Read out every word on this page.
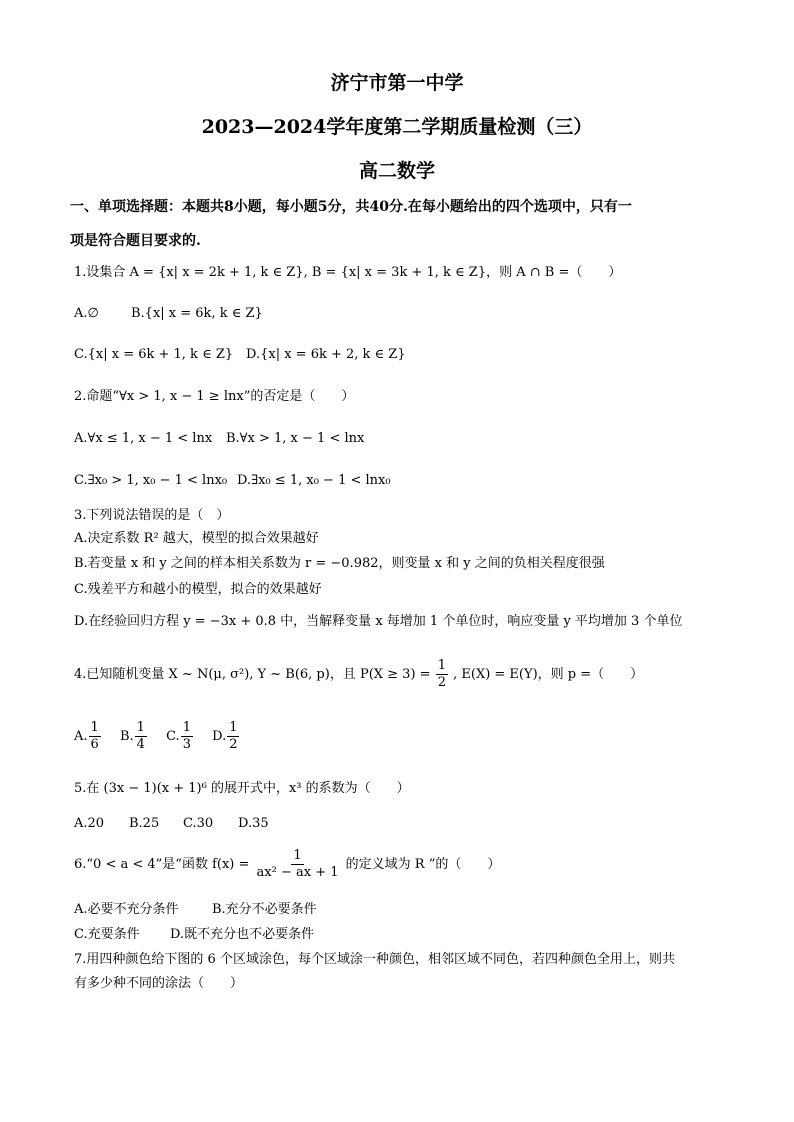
济宁市第一中学
2023—2024学年度第二学期质量检测（三）
高二数学
一、单项选择题：本题共8小题，每小题5分，共40分.在每小题给出的四个选项中，只有一
项是符合题目要求的.
1.设集合 A = {x| x = 2k + 1, k ∈ Z}, B = {x| x = 3k + 1, k ∈ Z}，则 A ∩ B =（　　）
A.∅ B.{x| x = 6k, k ∈ Z}
C.{x| x = 6k + 1, k ∈ Z} D.{x| x = 6k + 2, k ∈ Z}
2.命题“∀x > 1, x − 1 ≥ lnx”的否定是（　　）
A.∀x ≤ 1, x − 1 < lnx B.∀x > 1, x − 1 < lnx
C.∃x₀ > 1, x₀ − 1 < lnx₀ D.∃x₀ ≤ 1, x₀ − 1 < lnx₀
3.下列说法错误的是（　）
A.决定系数 R² 越大，模型的拟合效果越好
B.若变量 x 和 y 之间的样本相关系数为 r = −0.982，则变量 x 和 y 之间的负相关程度很强
C.残差平方和越小的模型，拟合的效果越好
D.在经验回归方程 y = −3x + 0.8 中，当解释变量 x 每增加 1 个单位时，响应变量 y 平均增加 3 个单位
4.已知随机变量 X ~ N(μ, σ²), Y ~ B(6, p)，且 $P(X \ge 3) = \frac{1}{2}$ , E(X) = E(Y)，则 p =（　　）
A. $\frac{1}{6} B$. $\frac{1}{4} C$. $\frac{1}{3} D$. $\frac{1}{2}$
5.在 (3x − 1)(x + 1)⁶ 的展开式中，x³ 的系数为（　　）
A.20 B.25 C.30 D.35
6.“0 < a < 4”是“函数 $f(x) = \frac{1}{\text{ax² − ax + 1}}$ 的定义域为 R ”的（　　）
A.必要不充分条件	B.充分不必要条件
C.充要条件 D.既不充分也不必要条件
7.用四种颜色给下图的 6 个区域涂色，每个区域涂一种颜色，相邻区域不同色，若四种颜色全用上，则共
有多少种不同的涂法（　　）
